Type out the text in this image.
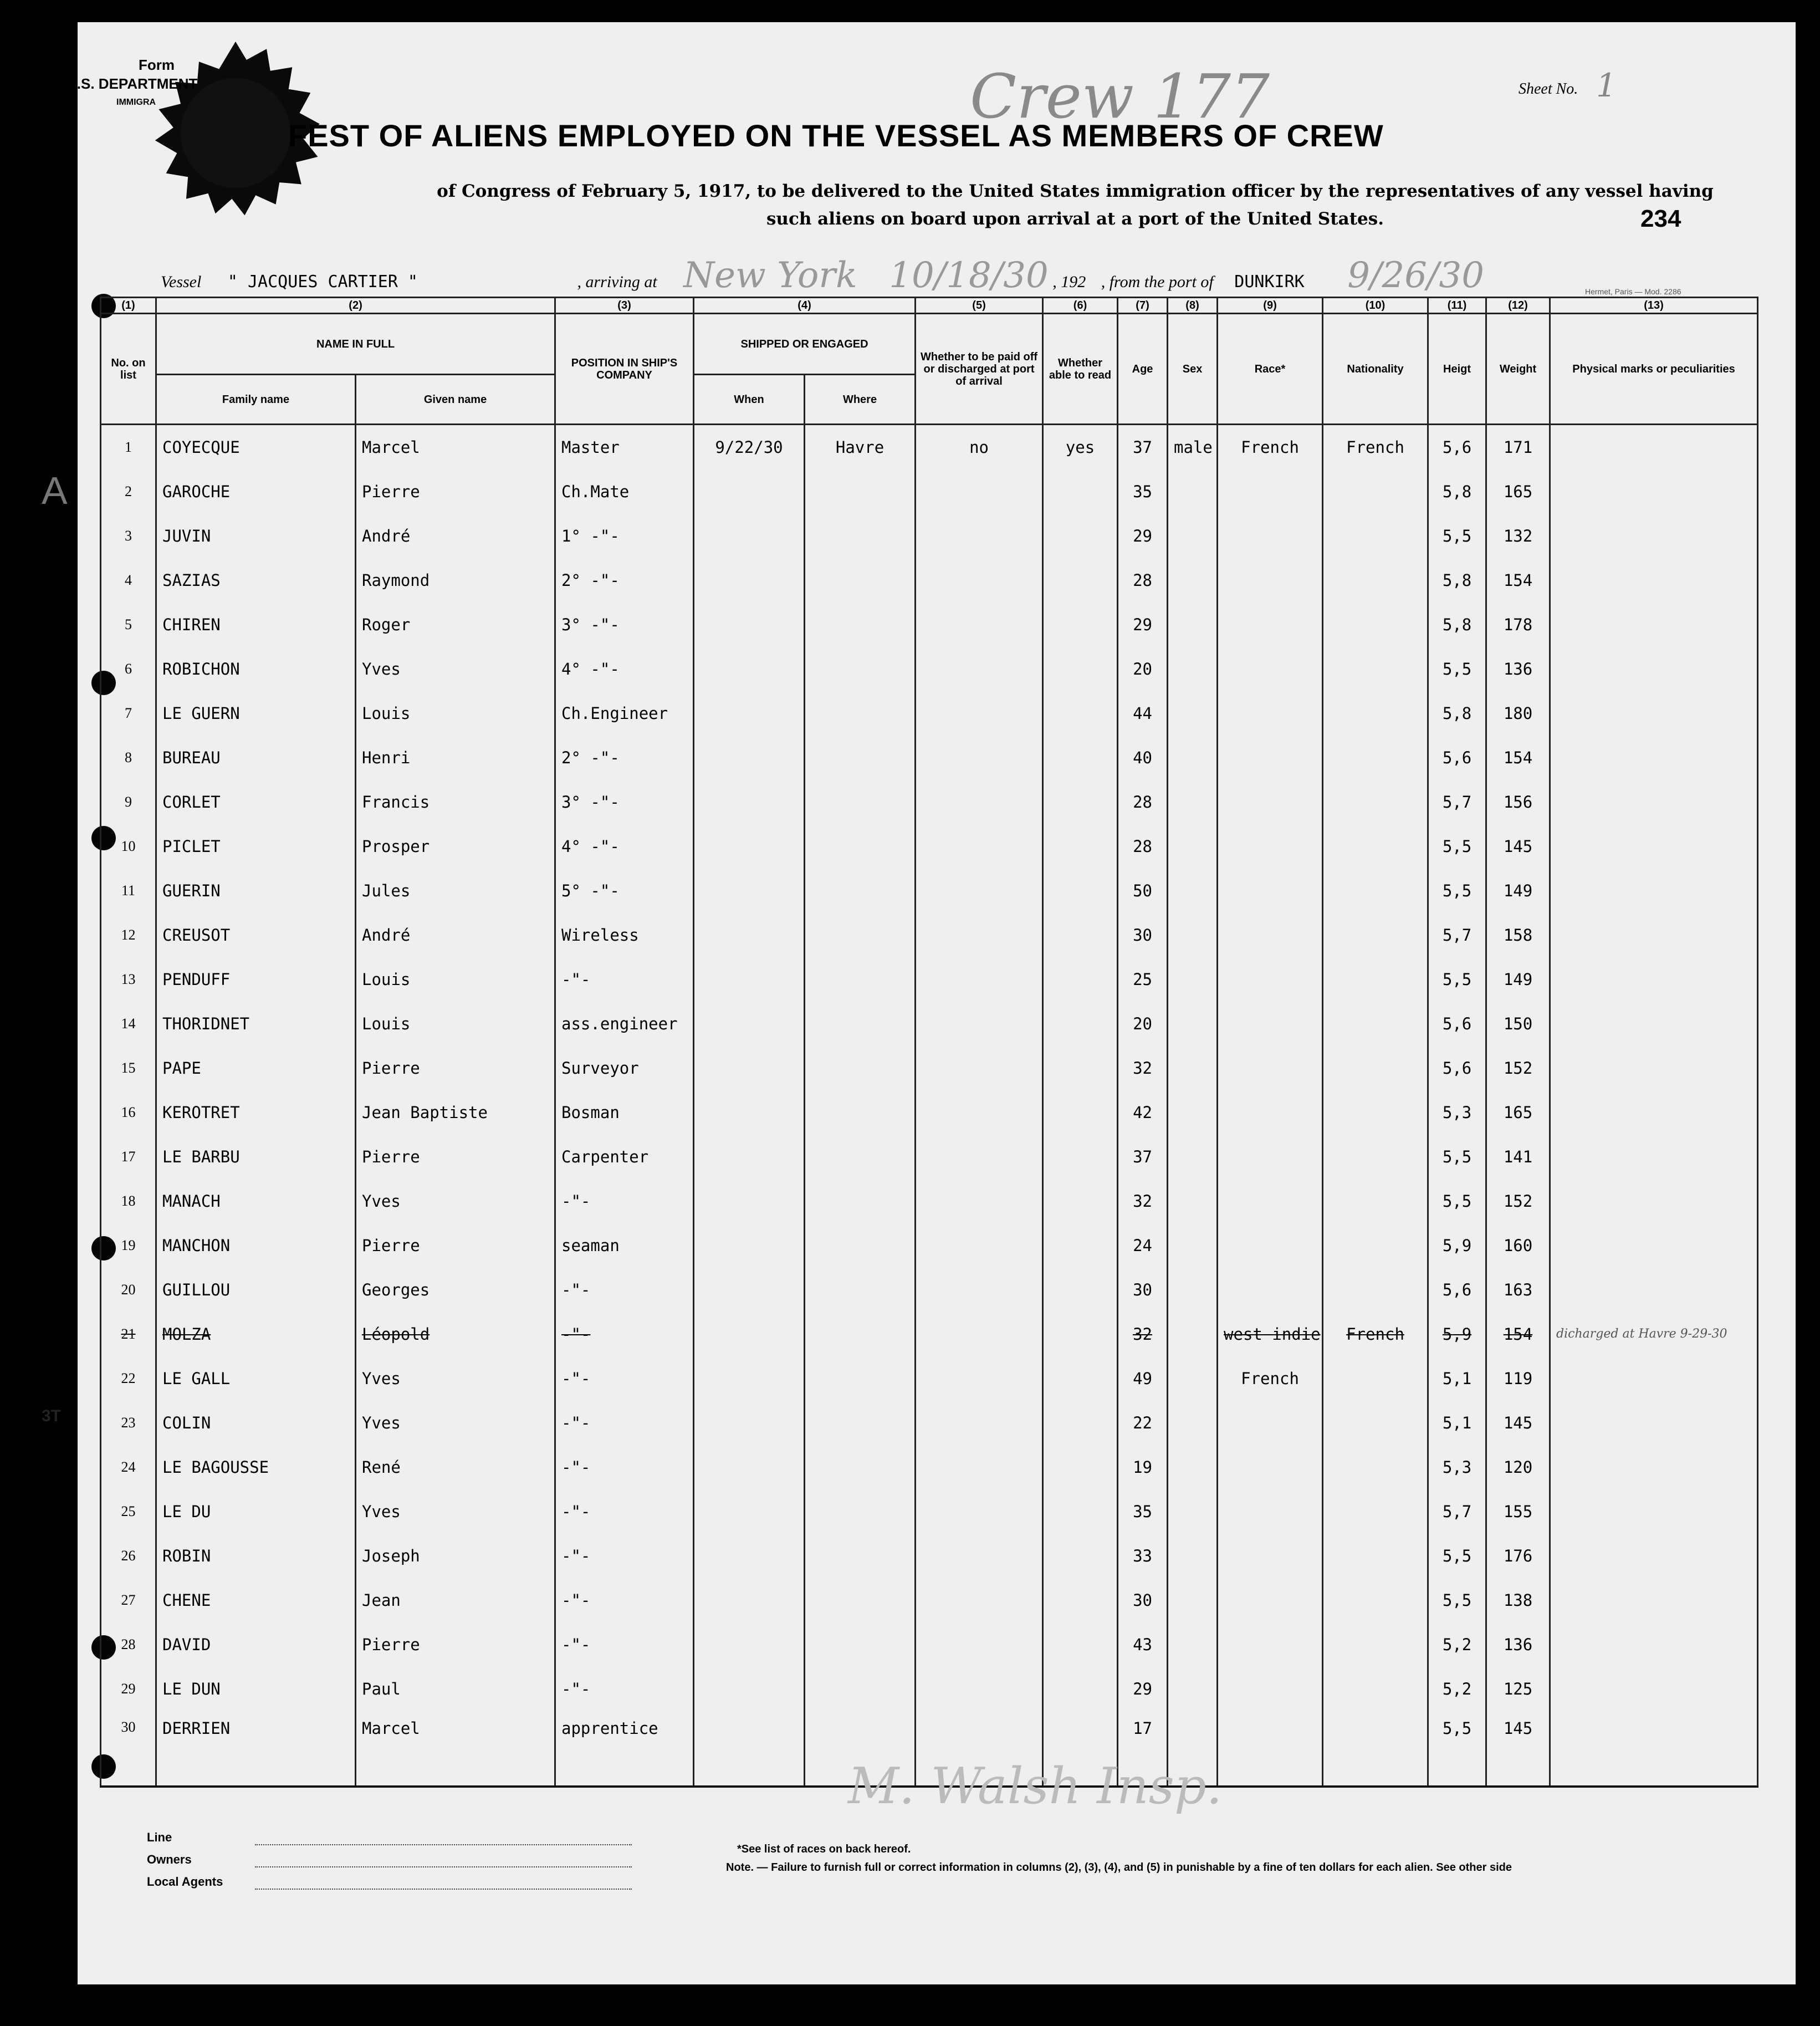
Form
U.S. DEPARTMENT
IMMIGRA	Crew 177	Sheet No. 1
FEST OF ALIENS EMPLOYED ON THE VESSEL AS MEMBERS OF CREW
of Congress of February 5, 1917, to be delivered to the United States immigration officer by the representatives of any vessel having such aliens on board upon arrival at a port of the United States.	234
Vessel " JACQUES CARTIER "	, arriving at New York 10/18/30 , 192 , from the port of DUNKIRK 9/26/30	Hermet, Paris — Mod. 2286
(1)	(2)		(3)	(4)		(5)	(6)	(7)	(8)	(9)	(10)	(11)	(12)	(13)
No. on list	NAME IN FULL		POSITION IN SHIP'S COMPANY	SHIPPED OR ENGAGED		Whether to be paid off or discharged at port of arrival	Whether able to read	Age	Sex	Race*	Nationality	Heigt	Weight	Physical marks or peculiarities
	Family name	Given name		When	Where									
1	COYECQUE	Marcel	Master	9/22/30	Havre	no	yes	37	male	French	French	5,6	171	
2	GAROCHE	Pierre	Ch.Mate					35				5,8	165	
3	JUVIN	André	1° -"-					29				5,5	132	
4	SAZIAS	Raymond	2° -"-					28				5,8	154	
5	CHIREN	Roger	3° -"-					29				5,8	178	
6	ROBICHON	Yves	4° -"-					20				5,5	136	
7	LE GUERN	Louis	Ch.Engineer					44				5,8	180	
8	BUREAU	Henri	2° -"-					40				5,6	154	
9	CORLET	Francis	3° -"-					28				5,7	156	
10	PICLET	Prosper	4° -"-					28				5,5	145	
11	GUERIN	Jules	5° -"-					50				5,5	149	
12	CREUSOT	André	Wireless					30				5,7	158	
13	PENDUFF	Louis	-"-					25				5,5	149	
14	THORIDNET	Louis	ass.engineer					20				5,6	150	
15	PAPE	Pierre	Surveyor					32				5,6	152	
16	KEROTRET	Jean Baptiste	Bosman					42				5,3	165	
17	LE BARBU	Pierre	Carpenter					37				5,5	141	
18	MANACH	Yves	-"-					32				5,5	152	
19	MANCHON	Pierre	seaman					24				5,9	160	
20	GUILLOU	Georges	-"-					30				5,6	163	
21	MOLZA	Léopold	-"-					32		west indie	French	5,9	154	dicharged at Havre 9-29-30
22	LE GALL	Yves	-"-					49		French		5,1	119	
23	COLIN	Yves	-"-					22				5,1	145	
24	LE BAGOUSSE	René	-"-					19				5,3	120	
25	LE DU	Yves	-"-					35				5,7	155	
26	ROBIN	Joseph	-"-					33				5,5	176	
27	CHENE	Jean	-"-					30				5,5	138	
28	DAVID	Pierre	-"-					43				5,2	136	
29	LE DUN	Paul	-"-					29				5,2	125	
30	DERRIEN	Marcel	apprentice					17				5,5	145	
M. Walsh Insp.
Line
Owners
Local Agents
*See list of races on back hereof.
Note. — Failure to furnish full or correct information in columns (2), (3), (4), and (5) in punishable by a fine of ten dollars for each alien. See other side
A
3T
